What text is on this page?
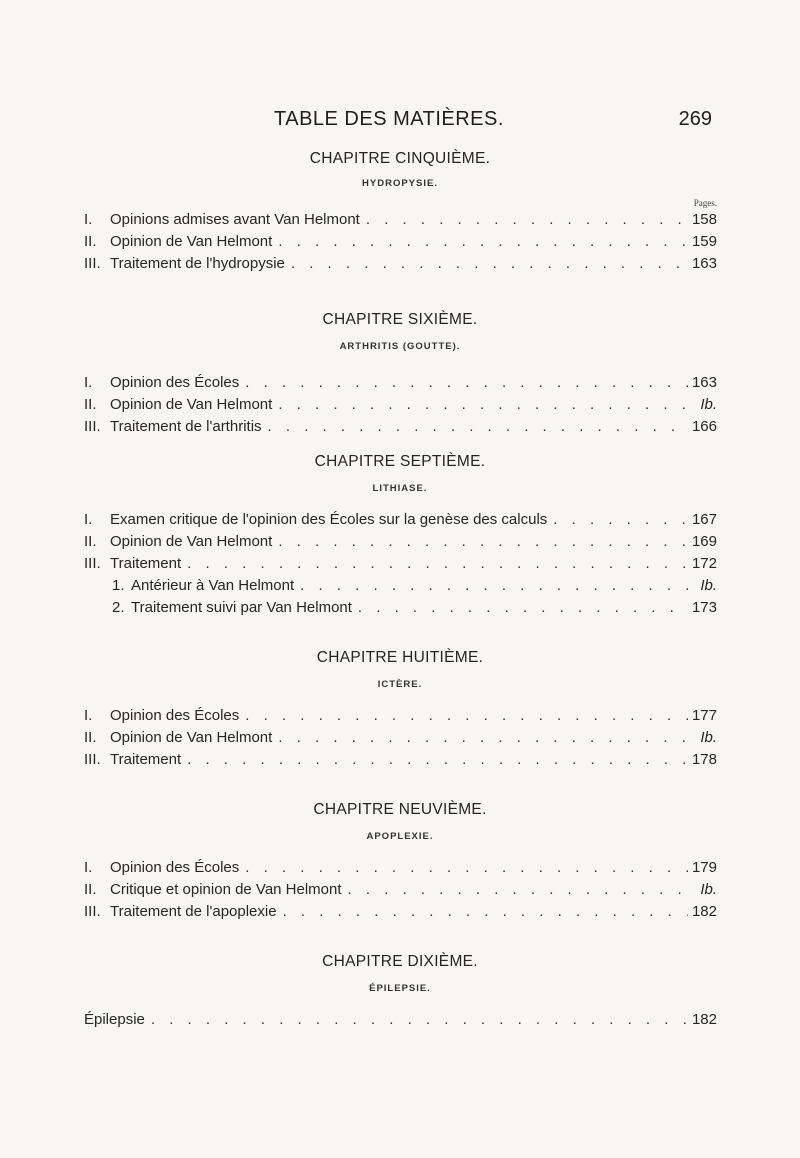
TABLE DES MATIÈRES.	269
CHAPITRE CINQUIÈME.
HYDROPYSIE.
Pages.
I.	Opinions admises avant Van Helmont . . .	158
II. Opinion de Van Helmont . . .	159
III. Traitement de l'hydropysie . . .	163
CHAPITRE SIXIÈME.
ARTHRITIS (GOUTTE).
I.	Opinion des Écoles . . .	163
II. Opinion de Van Helmont . . .	Ib.
III. Traitement de l'arthritis . . .	166
CHAPITRE SEPTIÈME.
LITHIASE.
I.	Examen critique de l'opinion des Écoles sur la genèse des calculs . . .	167
II. Opinion de Van Helmont . . .	169
III. Traitement . . .	172
1. Antérieur à Van Helmont . . .	Ib.
2. Traitement suivi par Van Helmont . . .	173
CHAPITRE HUITIÈME.
ICTÈRE.
I.	Opinion des Écoles . . .	177
II. Opinion de Van Helmont . . .	Ib.
III. Traitement . . .	178
CHAPITRE NEUVIÈME.
APOPLEXIE.
I.	Opinion des Écoles . . .	179
II. Critique et opinion de Van Helmont . . .	Ib.
III. Traitement de l'apoplexie . . .	182
CHAPITRE DIXIÈME.
ÉPILEPSIE.
Épilepsie . . .	182
